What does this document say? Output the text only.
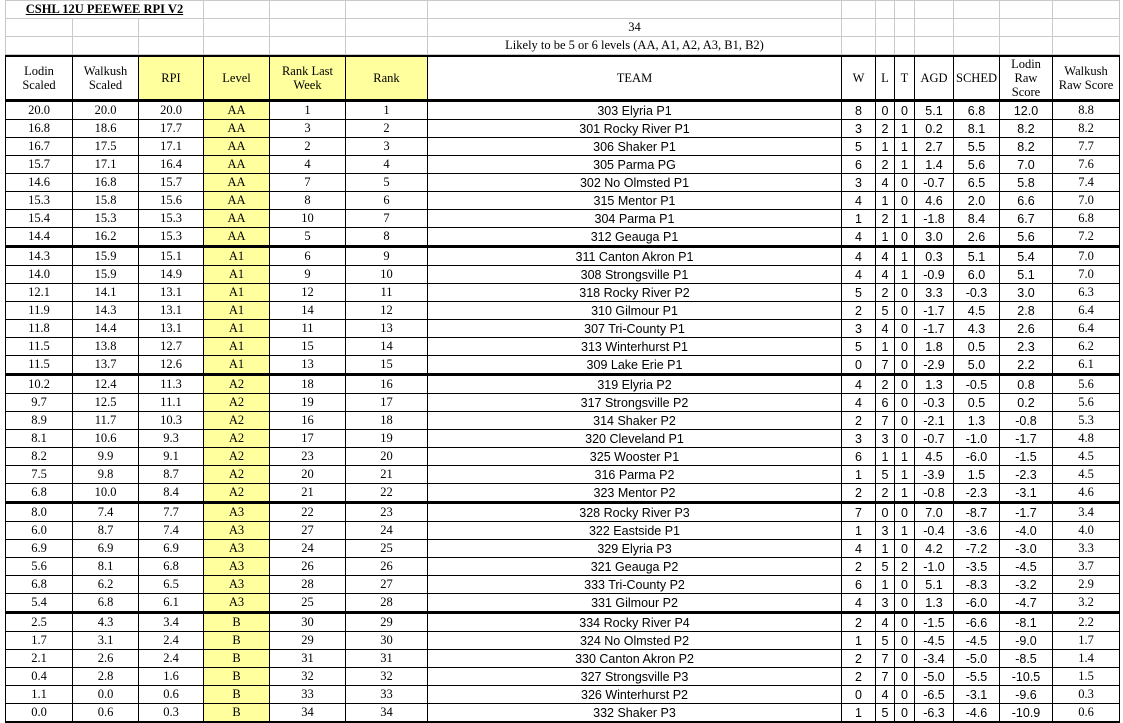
CSHL 12U PEEWEE RPI V2													
						34							
						Likely to be 5 or 6 levels (AA, A1, A2, A3, B1, B2)							
Lodin Scaled	Walkush Scaled	RPI	Level	Rank Last Week	Rank	TEAM	W	L	T	AGD	SCHED	Lodin Raw Score	Walkush Raw Score
20.0	20.0	20.0	AA	1	1	303 Elyria P1	8	0	0	5.1	6.8	12.0	8.8
16.8	18.6	17.7	AA	3	2	301 Rocky River P1	3	2	1	0.2	8.1	8.2	8.2
16.7	17.5	17.1	AA	2	3	306 Shaker P1	5	1	1	2.7	5.5	8.2	7.7
15.7	17.1	16.4	AA	4	4	305 Parma PG	6	2	1	1.4	5.6	7.0	7.6
14.6	16.8	15.7	AA	7	5	302 No Olmsted P1	3	4	0	-0.7	6.5	5.8	7.4
15.3	15.8	15.6	AA	8	6	315 Mentor P1	4	1	0	4.6	2.0	6.6	7.0
15.4	15.3	15.3	AA	10	7	304 Parma P1	1	2	1	-1.8	8.4	6.7	6.8
14.4	16.2	15.3	AA	5	8	312 Geauga P1	4	1	0	3.0	2.6	5.6	7.2
14.3	15.9	15.1	A1	6	9	311 Canton Akron P1	4	4	1	0.3	5.1	5.4	7.0
14.0	15.9	14.9	A1	9	10	308 Strongsville P1	4	4	1	-0.9	6.0	5.1	7.0
12.1	14.1	13.1	A1	12	11	318 Rocky River P2	5	2	0	3.3	-0.3	3.0	6.3
11.9	14.3	13.1	A1	14	12	310 Gilmour P1	2	5	0	-1.7	4.5	2.8	6.4
11.8	14.4	13.1	A1	11	13	307 Tri-County P1	3	4	0	-1.7	4.3	2.6	6.4
11.5	13.8	12.7	A1	15	14	313 Winterhurst P1	5	1	0	1.8	0.5	2.3	6.2
11.5	13.7	12.6	A1	13	15	309 Lake Erie P1	0	7	0	-2.9	5.0	2.2	6.1
10.2	12.4	11.3	A2	18	16	319 Elyria P2	4	2	0	1.3	-0.5	0.8	5.6
9.7	12.5	11.1	A2	19	17	317 Strongsville P2	4	6	0	-0.3	0.5	0.2	5.6
8.9	11.7	10.3	A2	16	18	314 Shaker P2	2	7	0	-2.1	1.3	-0.8	5.3
8.1	10.6	9.3	A2	17	19	320 Cleveland P1	3	3	0	-0.7	-1.0	-1.7	4.8
8.2	9.9	9.1	A2	23	20	325 Wooster P1	6	1	1	4.5	-6.0	-1.5	4.5
7.5	9.8	8.7	A2	20	21	316 Parma P2	1	5	1	-3.9	1.5	-2.3	4.5
6.8	10.0	8.4	A2	21	22	323 Mentor P2	2	2	1	-0.8	-2.3	-3.1	4.6
8.0	7.4	7.7	A3	22	23	328 Rocky River P3	7	0	0	7.0	-8.7	-1.7	3.4
6.0	8.7	7.4	A3	27	24	322 Eastside P1	1	3	1	-0.4	-3.6	-4.0	4.0
6.9	6.9	6.9	A3	24	25	329 Elyria P3	4	1	0	4.2	-7.2	-3.0	3.3
5.6	8.1	6.8	A3	26	26	321 Geauga P2	2	5	2	-1.0	-3.5	-4.5	3.7
6.8	6.2	6.5	A3	28	27	333 Tri-County P2	6	1	0	5.1	-8.3	-3.2	2.9
5.4	6.8	6.1	A3	25	28	331 Gilmour P2	4	3	0	1.3	-6.0	-4.7	3.2
2.5	4.3	3.4	B	30	29	334 Rocky River P4	2	4	0	-1.5	-6.6	-8.1	2.2
1.7	3.1	2.4	B	29	30	324 No Olmsted P2	1	5	0	-4.5	-4.5	-9.0	1.7
2.1	2.6	2.4	B	31	31	330 Canton Akron P2	2	7	0	-3.4	-5.0	-8.5	1.4
0.4	2.8	1.6	B	32	32	327 Strongsville P3	2	7	0	-5.0	-5.5	-10.5	1.5
1.1	0.0	0.6	B	33	33	326 Winterhurst P2	0	4	0	-6.5	-3.1	-9.6	0.3
0.0	0.6	0.3	B	34	34	332 Shaker P3	1	5	0	-6.3	-4.6	-10.9	0.6
